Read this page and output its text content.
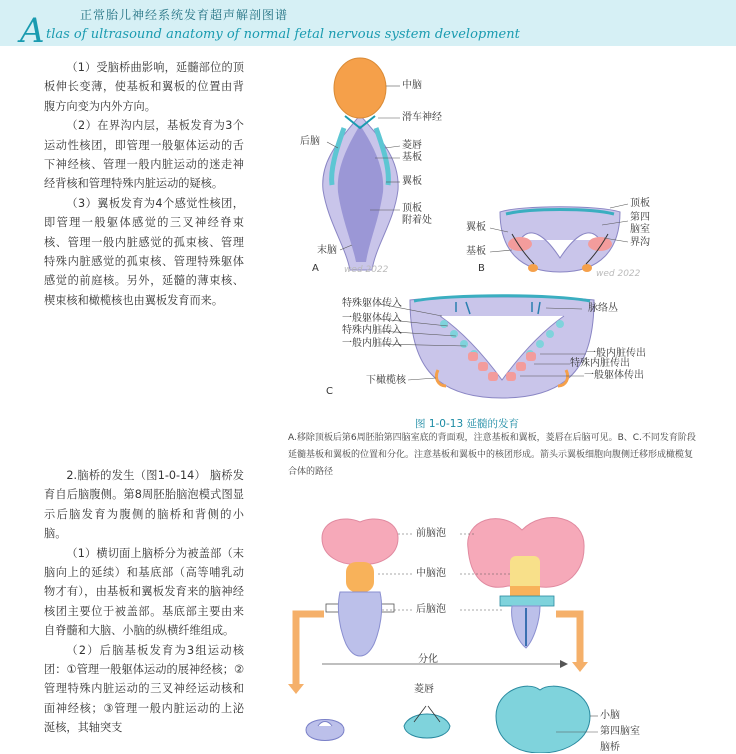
正常胎儿神经系统发育超声解剖图谱
A tlas of ultrasound anatomy of normal fetal nervous system development

（1）受脑桥曲影响，延髓部位的顶板伸长变薄，使基板和翼板的位置由背腹方向变为内外方向。

（2）在界沟内层，基板发育为3个运动性核团，即管理一般躯体运动的舌下神经核、管理一般内脏运动的迷走神经背核和管理特殊内脏运动的疑核。

（3）翼板发育为4个感觉性核团，即管理一般躯体感觉的三叉神经脊束核、管理一般内脏感觉的孤束核、管理特殊内脏感觉的孤束核、管理特殊躯体感觉的前庭核。另外，延髓的薄束核、楔束核和橄榄核也由翼板发育而来。

2.脑桥的发生（图1-0-14） 脑桥发育自后脑腹侧。第8周胚胎脑泡模式图显示后脑发育为腹侧的脑桥和背侧的小脑。

（1）横切面上脑桥分为被盖部（末脑向上的延续）和基底部（高等哺乳动物才有），由基板和翼板发育来的脑神经核团主要位于被盖部。基底部主要由来自脊髓和大脑、小脑的纵横纤维组成。

（2）后脑基板发育为3组运动核团：①管理一般躯体运动的展神经核；②管理特殊内脏运动的三叉神经运动核和面神经核；③管理一般内脏运动的上泌涎核，其轴突支

中脑
滑车神经
后脑	菱唇
基板
翼板
顶板
附着处
末脑
A	wed 2022
顶板
第四
脑室
界沟
翼板
基板
B	wed 2022
脉络丛
特殊躯体传入
一般躯体传入
特殊内脏传入
一般内脏传入
下橄榄核
一般内脏传出
特殊内脏传出
一般躯体传出
C
图 1-0-13 延髓的发育
A.移除顶板后第6周胚胎第四脑室底的背面观，注意基板和翼板，菱唇在后脑可见。B、C.不同发育阶段延髓基板和翼板的位置和分化。注意基板和翼板中的核团形成。箭头示翼板细胞向腹侧迁移形成橄榄复合体的路径
前脑泡
中脑泡
后脑泡
分化
菱唇
小脑
第四脑室
脑桥
